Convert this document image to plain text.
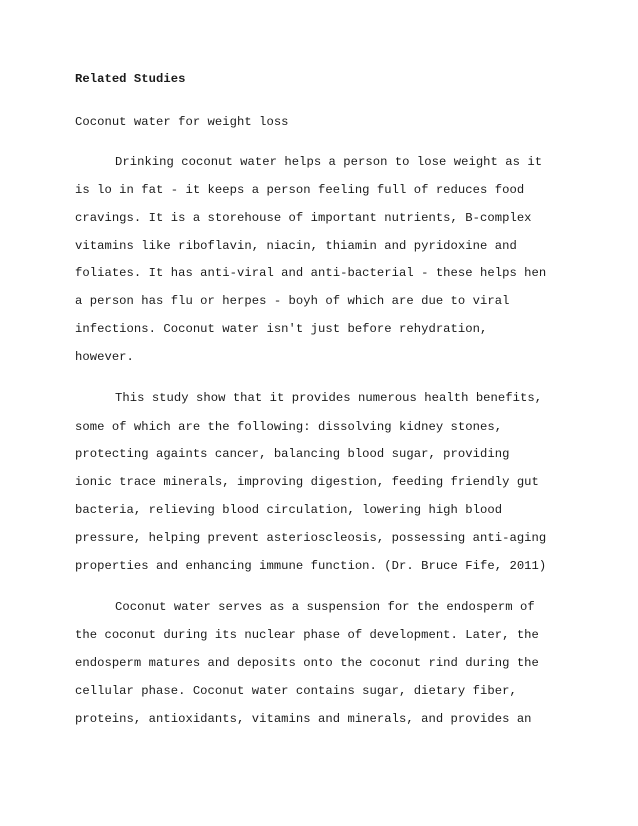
Related Studies
Coconut water for weight loss
Drinking coconut water helps a person to lose weight as it
is lo in fat - it keeps a person feeling full of reduces food
cravings. It is a storehouse of important nutrients, B-complex
vitamins like riboflavin, niacin, thiamin and pyridoxine and
foliates. It has anti-viral and anti-bacterial - these helps hen
a person has flu or herpes - boyh of which are due to viral
infections. Coconut water isn't just before rehydration,
however.
This study show that it provides numerous health benefits,
some of which are the following: dissolving kidney stones,
protecting againts cancer, balancing blood sugar, providing
ionic trace minerals, improving digestion, feeding friendly gut
bacteria, relieving blood circulation, lowering high blood
pressure, helping prevent asterioscleosis, possessing anti-aging
properties and enhancing immune function. (Dr. Bruce Fife, 2011)
Coconut water serves as a suspension for the endosperm of
the coconut during its nuclear phase of development. Later, the
endosperm matures and deposits onto the coconut rind during the
cellular phase. Coconut water contains sugar, dietary fiber,
proteins, antioxidants, vitamins and minerals, and provides an
